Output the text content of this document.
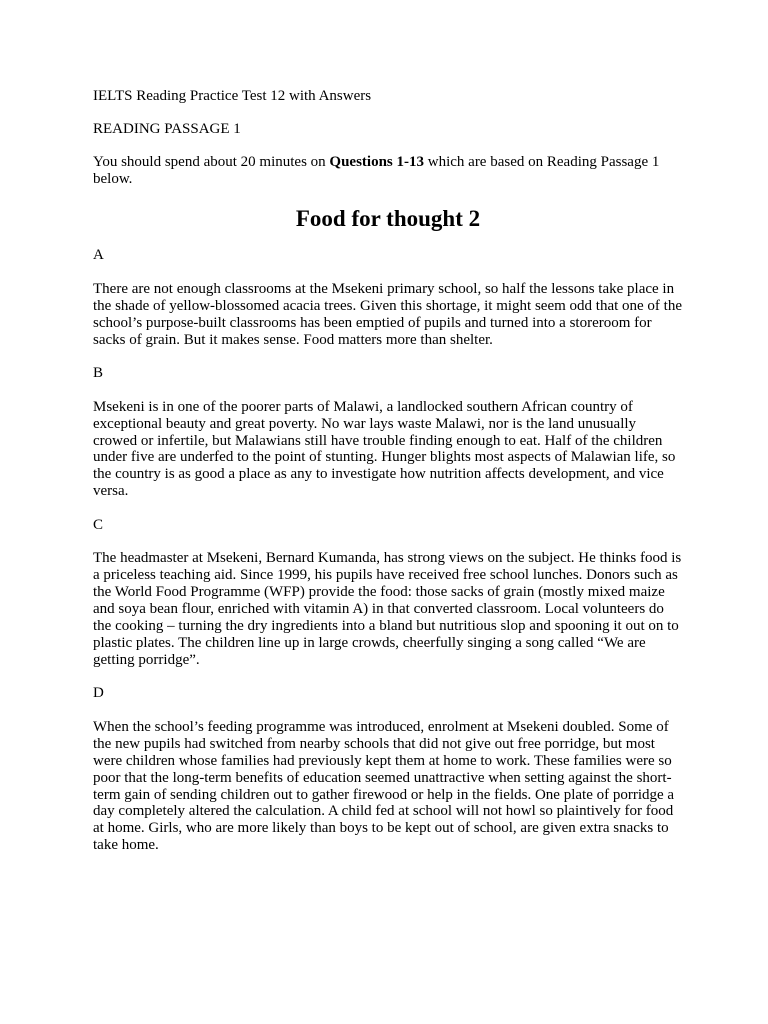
IELTS Reading Practice Test 12 with Answers

READING PASSAGE 1

You should spend about 20 minutes on Questions 1-13 which are based on Reading Passage 1 below.

Food for thought 2

A

There are not enough classrooms at the Msekeni primary school, so half the lessons take place in the shade of yellow-blossomed acacia trees. Given this shortage, it might seem odd that one of the school’s purpose-built classrooms has been emptied of pupils and turned into a storeroom for sacks of grain. But it makes sense. Food matters more than shelter.

B

Msekeni is in one of the poorer parts of Malawi, a landlocked southern African country of exceptional beauty and great poverty. No war lays waste Malawi, nor is the land unusually crowed or infertile, but Malawians still have trouble finding enough to eat. Half of the children under five are underfed to the point of stunting. Hunger blights most aspects of Malawian life, so the country is as good a place as any to investigate how nutrition affects development, and vice versa.

C

The headmaster at Msekeni, Bernard Kumanda, has strong views on the subject. He thinks food is a priceless teaching aid. Since 1999, his pupils have received free school lunches. Donors such as the World Food Programme (WFP) provide the food: those sacks of grain (mostly mixed maize and soya bean flour, enriched with vitamin A) in that converted classroom. Local volunteers do the cooking – turning the dry ingredients into a bland but nutritious slop and spooning it out on to plastic plates. The children line up in large crowds, cheerfully singing a song called “We are getting porridge”.

D

When the school’s feeding programme was introduced, enrolment at Msekeni doubled. Some of the new pupils had switched from nearby schools that did not give out free porridge, but most were children whose families had previously kept them at home to work. These families were so poor that the long-term benefits of education seemed unattractive when setting against the short-term gain of sending children out to gather firewood or help in the fields. One plate of porridge a day completely altered the calculation. A child fed at school will not howl so plaintively for food at home. Girls, who are more likely than boys to be kept out of school, are given extra snacks to take home.
